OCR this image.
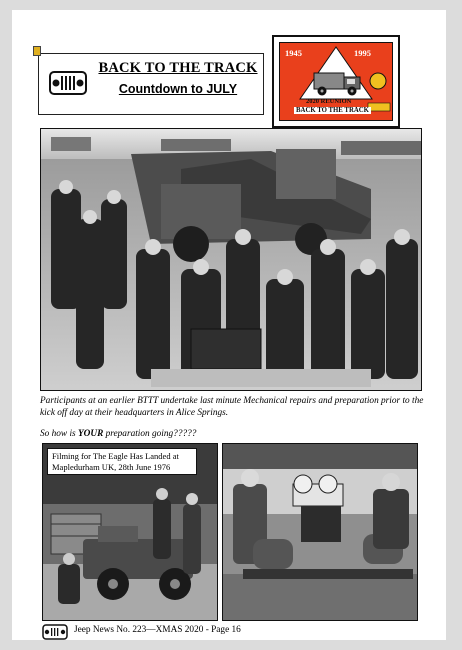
BACK TO THE TRACK
Countdown to JULY
1945	1995
2020 REUNION
BACK TO THE TRACK
Participants at an earlier BTTT undertake last minute Mechanical repairs and preparation prior to the kick off day at their headquarters in Alice Springs.
So how is YOUR preparation going?????
Filming for The Eagle Has Landed at
Mapledurham UK, 28th June 1976
Jeep News No. 223—XMAS 2020 - Page 16
